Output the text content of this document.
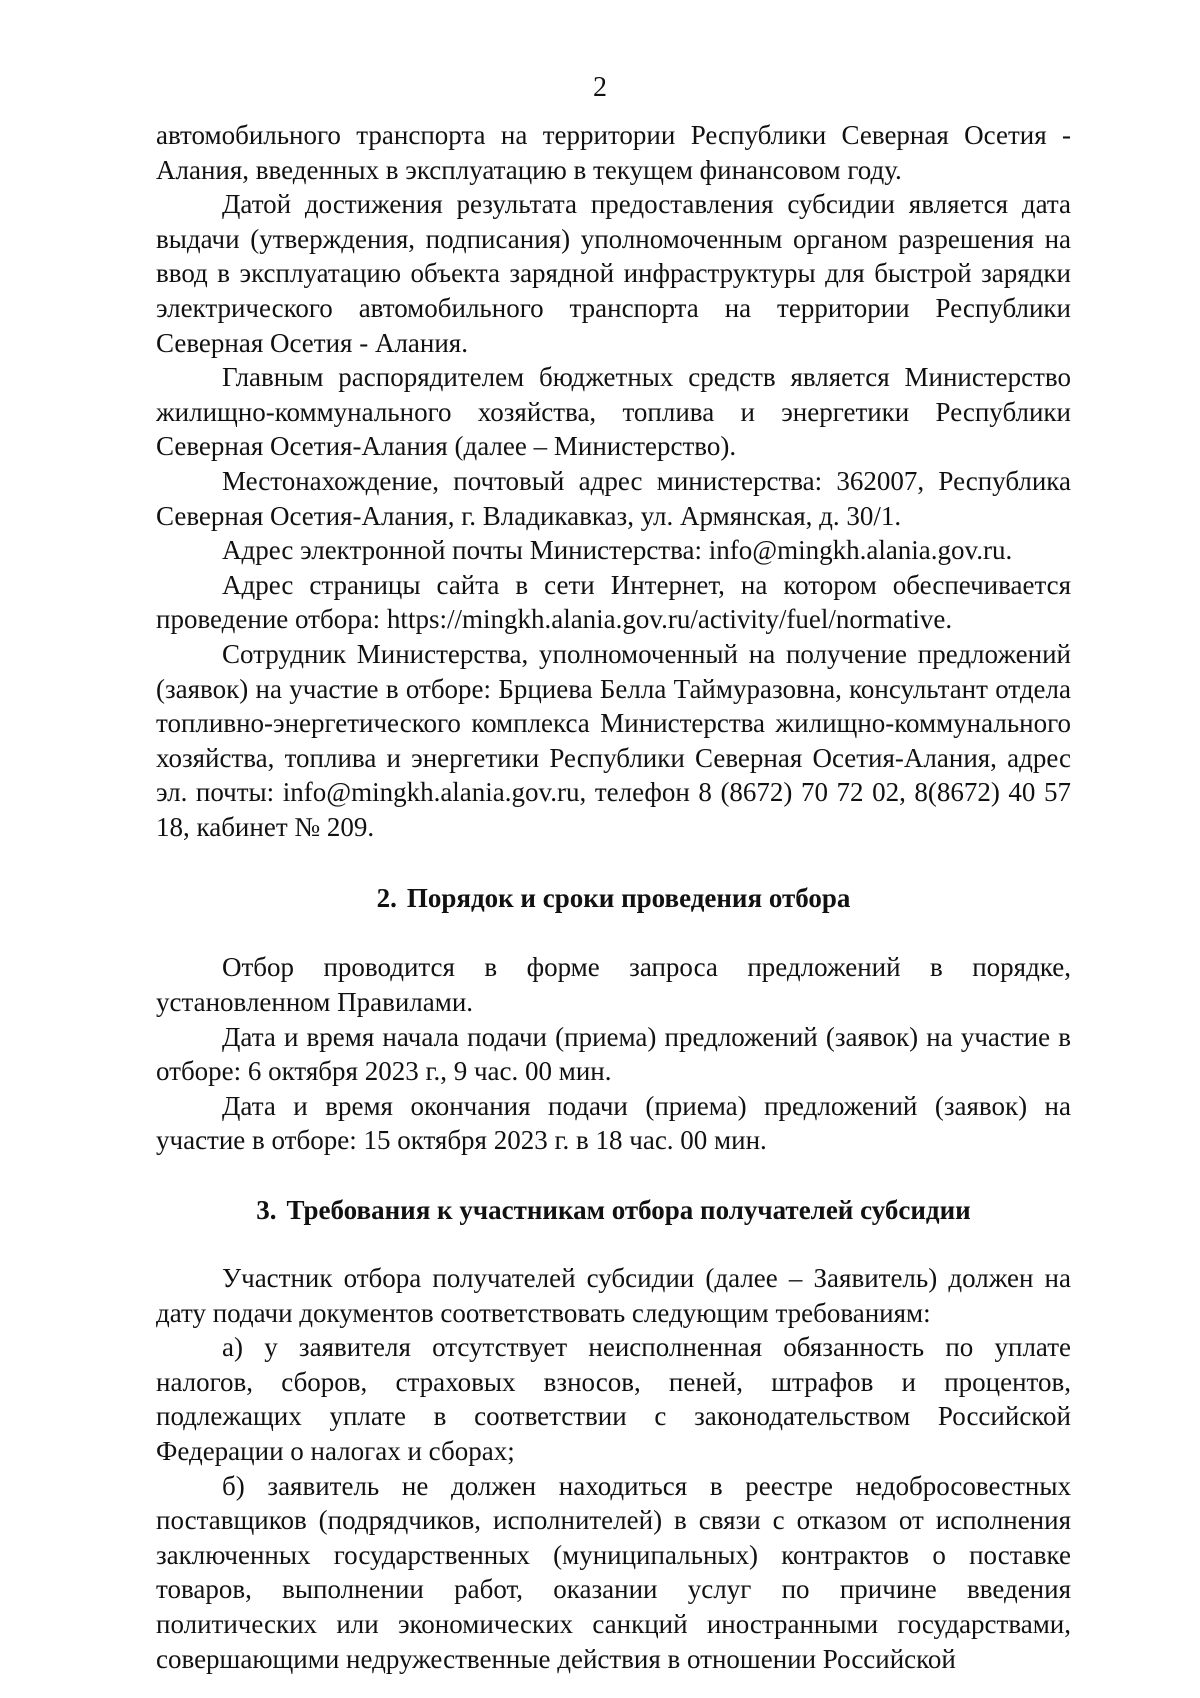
2

автомобильного транспорта на территории Республики Северная Осетия - Алания, введенных в эксплуатацию в текущем финансовом году.

Датой достижения результата предоставления субсидии является дата выдачи (утверждения, подписания) уполномоченным органом разрешения на ввод в эксплуатацию объекта зарядной инфраструктуры для быстрой зарядки электрического автомобильного транспорта на территории Республики Северная Осетия - Алания.

Главным распорядителем бюджетных средств является Министерство жилищно-коммунального хозяйства, топлива и энергетики Республики Северная Осетия-Алания (далее – Министерство).

Местонахождение, почтовый адрес министерства: 362007, Республика Северная Осетия-Алания, г. Владикавказ, ул. Армянская, д. 30/1.

Адрес электронной почты Министерства: info@mingkh.alania.gov.ru.

Адрес страницы сайта в сети Интернет, на котором обеспечивается проведение отбора: https://mingkh.alania.gov.ru/activity/fuel/normative.

Сотрудник Министерства, уполномоченный на получение предложений (заявок) на участие в отборе: Брциева Белла Таймуразовна, консультант отдела топливно-энергетического комплекса Министерства жилищно-коммунального хозяйства, топлива и энергетики Республики Северная Осетия-Алания, адрес эл. почты: info@mingkh.alania.gov.ru, телефон 8 (8672) 70 72 02, 8(8672) 40 57 18, кабинет № 209.

2. Порядок и сроки проведения отбора

Отбор проводится в форме запроса предложений в порядке, установленном Правилами.

Дата и время начала подачи (приема) предложений (заявок) на участие в отборе: 6 октября 2023 г., 9 час. 00 мин.

Дата и время окончания подачи (приема) предложений (заявок) на участие в отборе: 15 октября 2023 г. в 18 час. 00 мин.

3. Требования к участникам отбора получателей субсидии

Участник отбора получателей субсидии (далее – Заявитель) должен на дату подачи документов соответствовать следующим требованиям:

а) у заявителя отсутствует неисполненная обязанность по уплате налогов, сборов, страховых взносов, пеней, штрафов и процентов, подлежащих уплате в соответствии с законодательством Российской Федерации о налогах и сборах;

б) заявитель не должен находиться в реестре недобросовестных поставщиков (подрядчиков, исполнителей) в связи с отказом от исполнения заключенных государственных (муниципальных) контрактов о поставке товаров, выполнении работ, оказании услуг по причине введения политических или экономических санкций иностранными государствами, совершающими недружественные действия в отношении Российской
